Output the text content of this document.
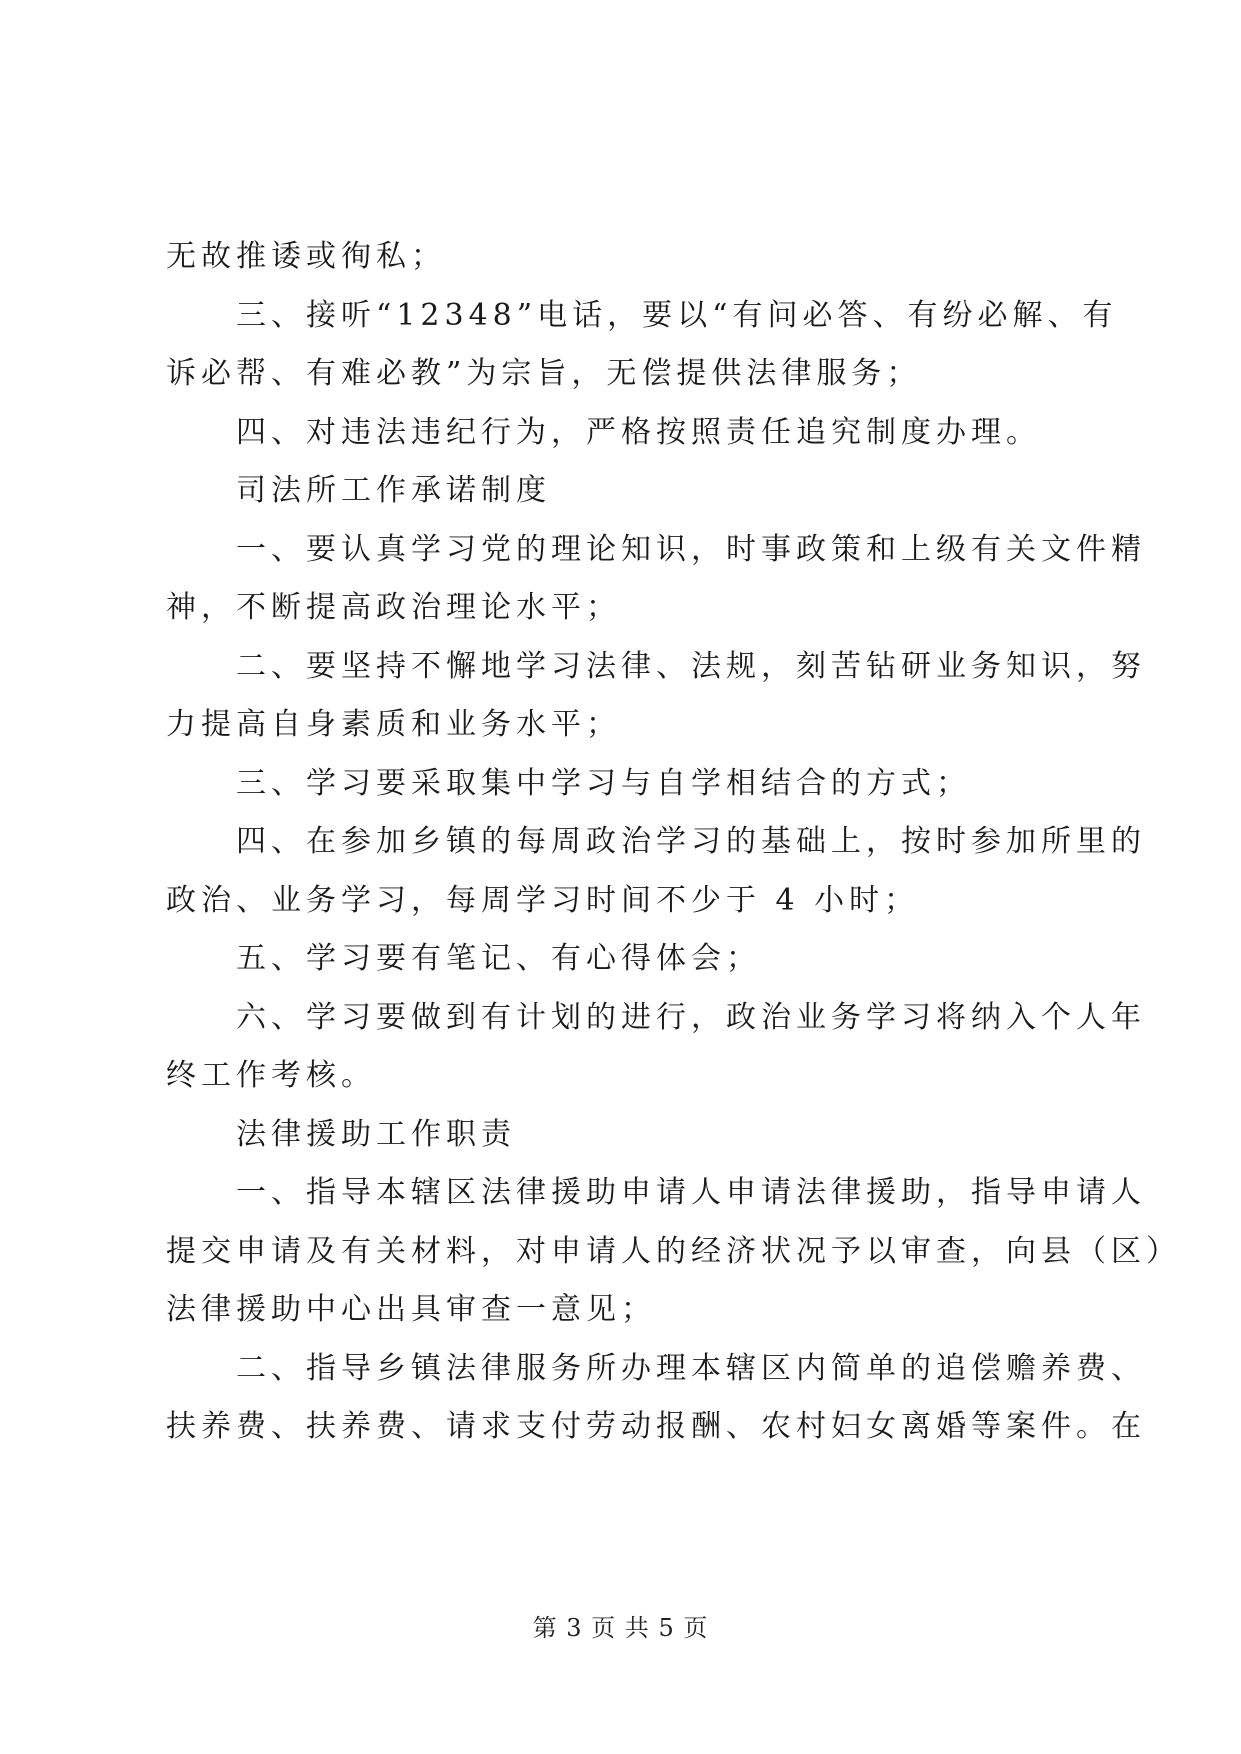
无故推诿或徇私；
三、接听“12348”电话，要以“有问必答、有纷必解、有
诉必帮、有难必教”为宗旨，无偿提供法律服务；
四、对违法违纪行为，严格按照责任追究制度办理。
司法所工作承诺制度
一、要认真学习党的理论知识，时事政策和上级有关文件精
神，不断提高政治理论水平；
二、要坚持不懈地学习法律、法规，刻苦钻研业务知识，努
力提高自身素质和业务水平；
三、学习要采取集中学习与自学相结合的方式；
四、在参加乡镇的每周政治学习的基础上，按时参加所里的
政治、业务学习，每周学习时间不少于 4 小时；
五、学习要有笔记、有心得体会；
六、学习要做到有计划的进行，政治业务学习将纳入个人年
终工作考核。
法律援助工作职责
一、指导本辖区法律援助申请人申请法律援助，指导申请人
提交申请及有关材料，对申请人的经济状况予以审查，向县（区）
法律援助中心出具审查一意见；
二、指导乡镇法律服务所办理本辖区内简单的追偿赡养费、
扶养费、扶养费、请求支付劳动报酬、农村妇女离婚等案件。在
第 3 页 共 5 页
